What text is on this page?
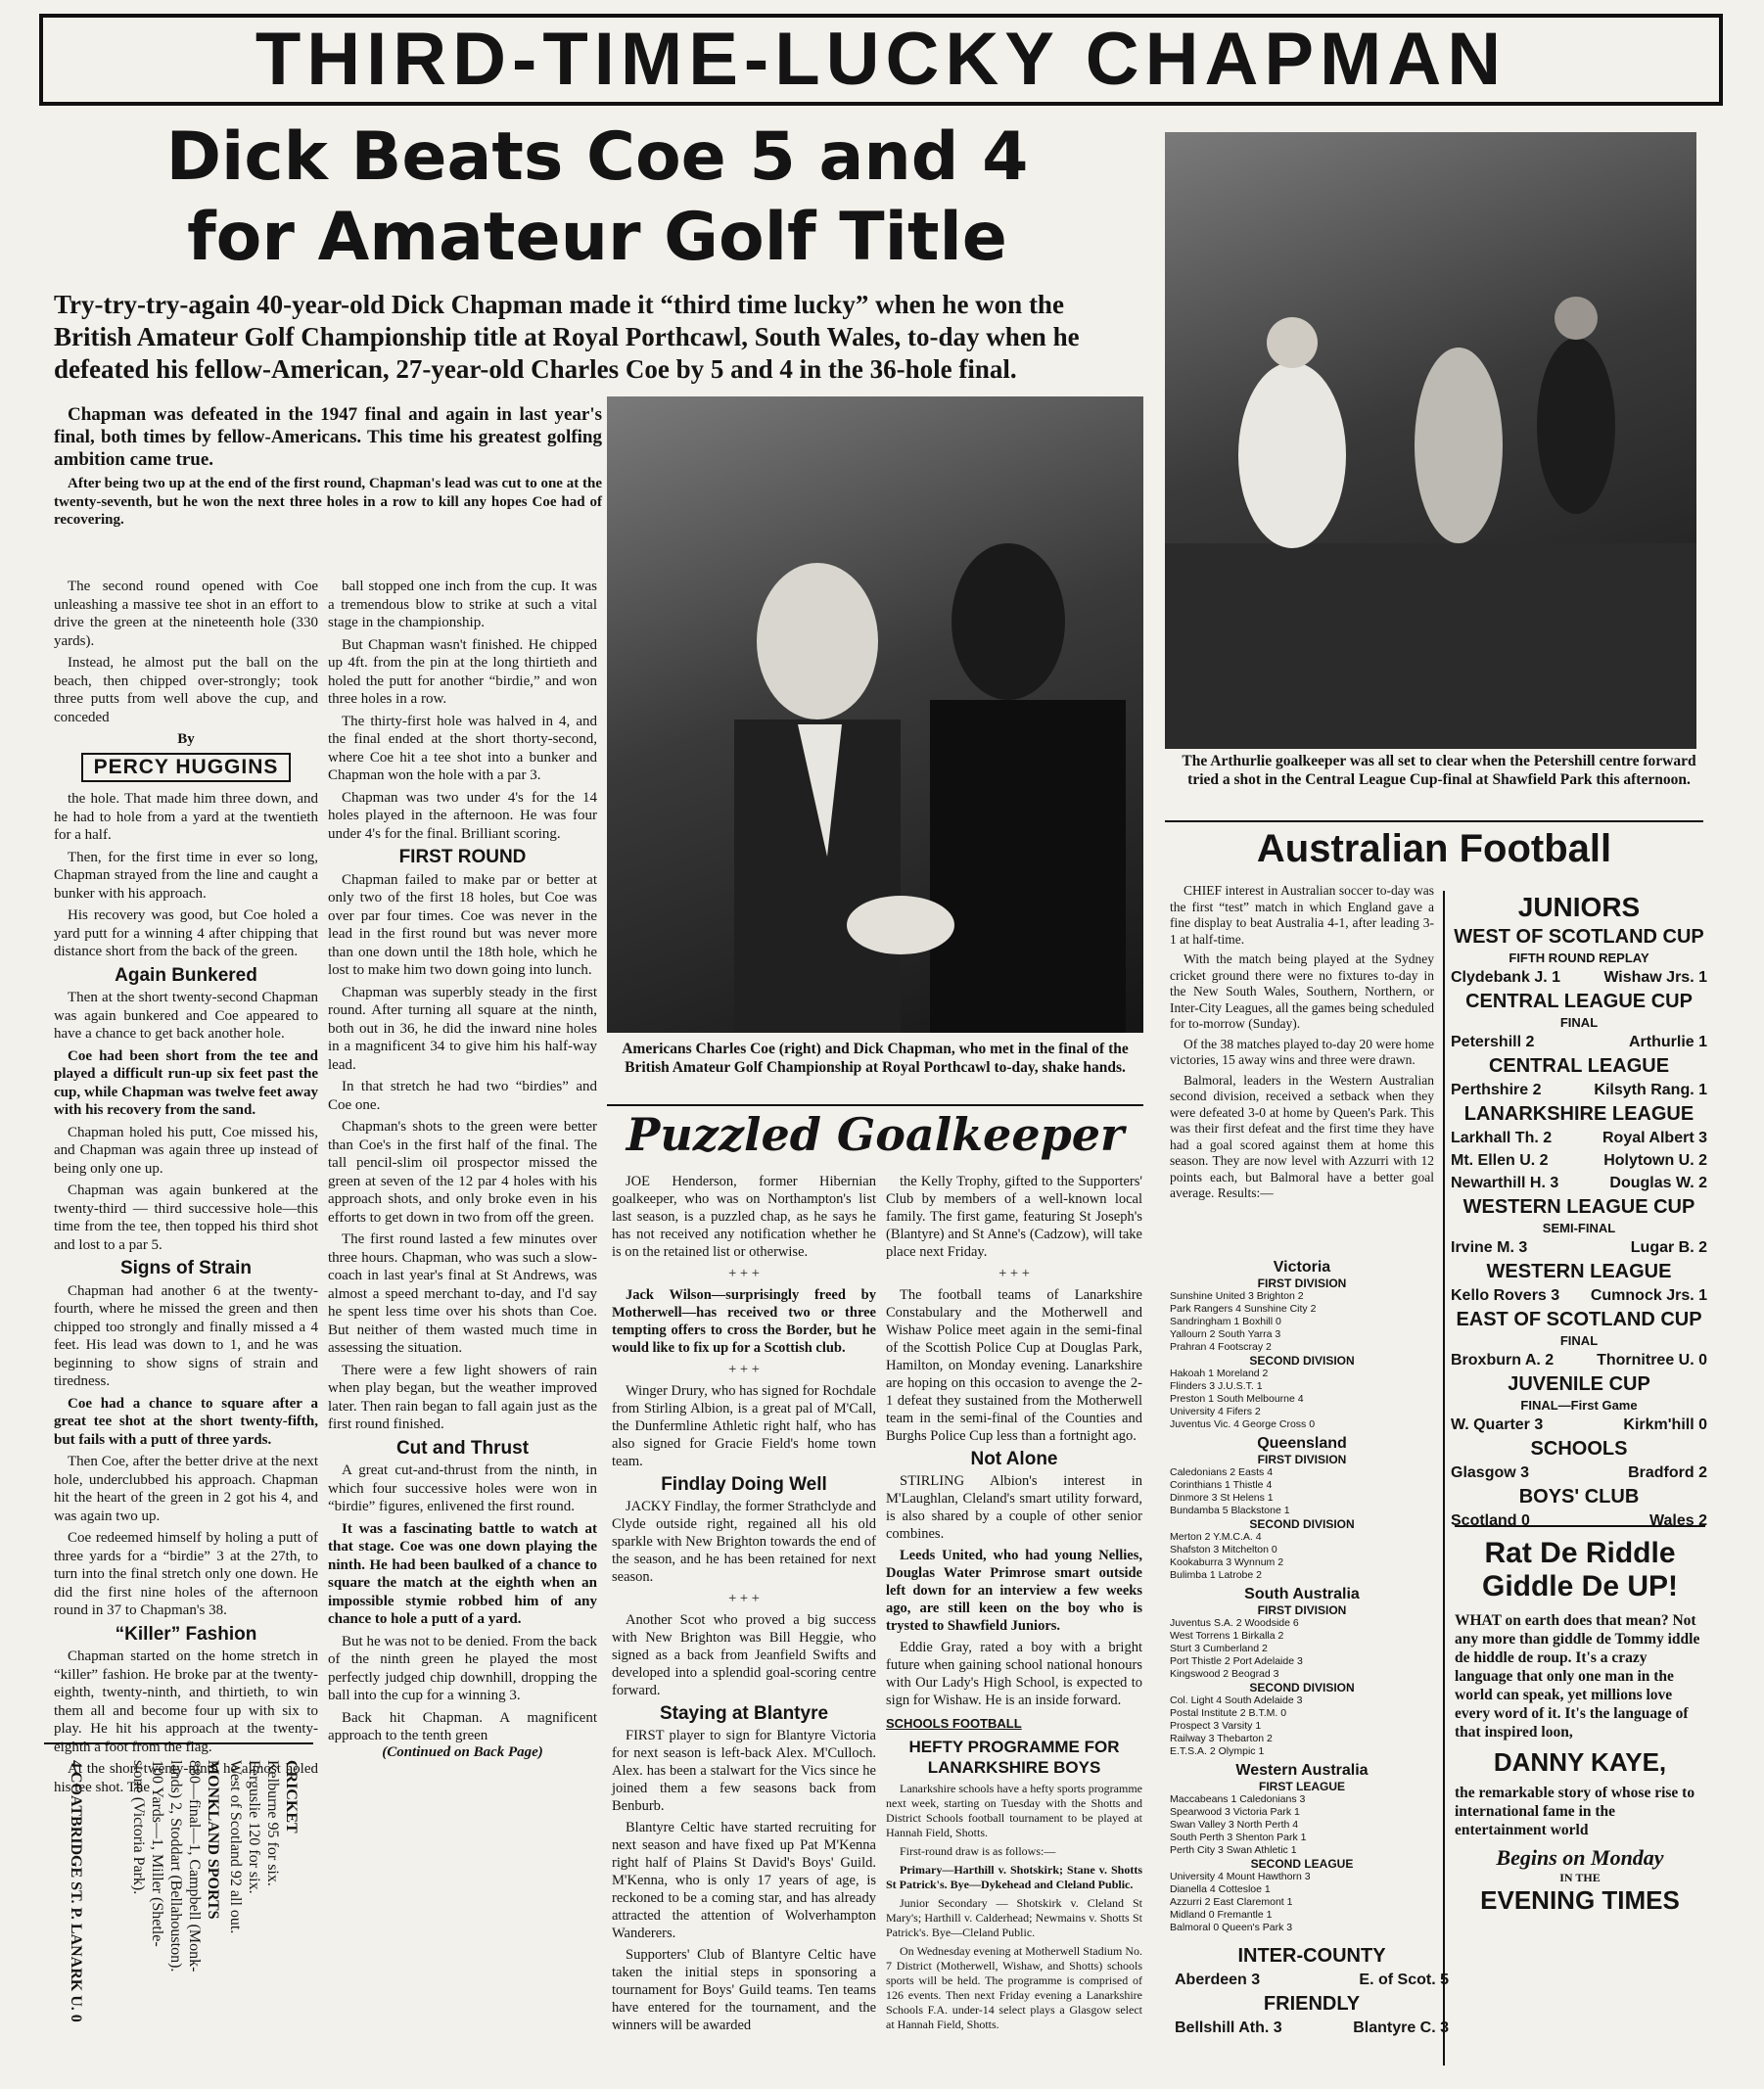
THIRD-TIME-LUCKY CHAPMAN
Dick Beats Coe 5 and 4
for Amateur Golf Title
Try-try-try-again 40-year-old Dick Chapman made it “third time lucky” when he won the British Amateur Golf Championship title at Royal Porthcawl, South Wales, to-day when he defeated his fellow-American, 27-year-old Charles Coe by 5 and 4 in the 36-hole final.

Chapman was defeated in the 1947 final and again in last year's final, both times by fellow-Americans. This time his greatest golfing ambition came true.

After being two up at the end of the first round, Chapman's lead was cut to one at the twenty-seventh, but he won the next three holes in a row to kill any hopes Coe had of recovering.

The second round opened with Coe unleashing a massive tee shot in an effort to drive the green at the nineteenth hole (330 yards).

Instead, he almost put the ball on the beach, then chipped over-strongly; took three putts from well above the cup, and conceded

By
PERCY HUGGINS

the hole. That made him three down, and he had to hole from a yard at the twentieth for a half.

Then, for the first time in ever so long, Chapman strayed from the line and caught a bunker with his approach.

His recovery was good, but Coe holed a yard putt for a winning 4 after chipping that distance short from the back of the green.

Again Bunkered

Then at the short twenty-second Chapman was again bunkered and Coe appeared to have a chance to get back another hole.

Coe had been short from the tee and played a difficult run-up six feet past the cup, while Chapman was twelve feet away with his recovery from the sand.

Chapman holed his putt, Coe missed his, and Chapman was again three up instead of being only one up.

Chapman was again bunkered at the twenty-third — third successive hole—this time from the tee, then topped his third shot and lost to a par 5.

Signs of Strain

Chapman had another 6 at the twenty-fourth, where he missed the green and then chipped too strongly and finally missed a 4 feet. His lead was down to 1, and he was beginning to show signs of strain and tiredness.

Coe had a chance to square after a great tee shot at the short twenty-fifth, but fails with a putt of three yards.

Then Coe, after the better drive at the next hole, underclubbed his approach. Chapman hit the heart of the green in 2 got his 4, and was again two up.

Coe redeemed himself by holing a putt of three yards for a “birdie” 3 at the 27th, to turn into the final stretch only one down. He did the first nine holes of the afternoon round in 37 to Chapman's 38.

“Killer” Fashion

Chapman started on the home stretch in “killer” fashion. He broke par at the twenty-eighth, twenty-ninth, and thirtieth, to win them all and become four up with six to play. He hit his approach at the twenty-eighth a foot from the flag.

At the short twenty-ninth he almost holed his tee shot. The

ball stopped one inch from the cup. It was a tremendous blow to strike at such a vital stage in the championship.

But Chapman wasn't finished. He chipped up 4ft. from the pin at the long thirtieth and holed the putt for another “birdie,” and won three holes in a row.

The thirty-first hole was halved in 4, and the final ended at the short thorty-second, where Coe hit a tee shot into a bunker and Chapman won the hole with a par 3.

Chapman was two under 4's for the 14 holes played in the afternoon. He was four under 4's for the final. Brilliant scoring.

FIRST ROUND

Chapman failed to make par or better at only two of the first 18 holes, but Coe was over par four times. Coe was never in the lead in the first round but was never more than one down until the 18th hole, which he lost to make him two down going into lunch.

Chapman was superbly steady in the first round. After turning all square at the ninth, both out in 36, he did the inward nine holes in a magnificent 34 to give him his half-way lead.

In that stretch he had two “birdies” and Coe one.

Chapman's shots to the green were better than Coe's in the first half of the final. The tall pencil-slim oil prospector missed the green at seven of the 12 par 4 holes with his approach shots, and only broke even in his efforts to get down in two from off the green.

The first round lasted a few minutes over three hours. Chapman, who was such a slow-coach in last year's final at St Andrews, was almost a speed merchant to-day, and I'd say he spent less time over his shots than Coe. But neither of them wasted much time in assessing the situation.

There were a few light showers of rain when play began, but the weather improved later. Then rain began to fall again just as the first round finished.

Cut and Thrust

A great cut-and-thrust from the ninth, in which four successive holes were won in “birdie” figures, enlivened the first round.

It was a fascinating battle to watch at that stage. Coe was one down playing the ninth. He had been baulked of a chance to square the match at the eighth when an impossible stymie robbed him of any chance to hole a putt of a yard.

But he was not to be denied. From the back of the ninth green he played the most perfectly judged chip downhill, dropping the ball into the cup for a winning 3.

Back hit Chapman. A magnificent approach to the tenth green

(Continued on Back Page)
Americans Charles Coe (right) and Dick Chapman, who met in the final of the British Amateur Golf Championship at Royal Porthcawl to-day, shake hands.
The Arthurlie goalkeeper was all set to clear when the Petershill centre forward tried a shot in the Central League Cup-final at Shawfield Park this afternoon.
Puzzled Goalkeeper

JOE Henderson, former Hibernian goalkeeper, who was on Northampton's list last season, is a puzzled chap, as he says he has not received any notification whether he is on the retained list or otherwise.

+ + +

Jack Wilson—surprisingly freed by Motherwell—has received two or three tempting offers to cross the Border, but he would like to fix up for a Scottish club.

+ + +

Winger Drury, who has signed for Rochdale from Stirling Albion, is a great pal of M'Call, the Dunfermline Athletic right half, who has also signed for Gracie Field's home town team.

Findlay Doing Well

JACKY Findlay, the former Strathclyde and Clyde outside right, regained all his old sparkle with New Brighton towards the end of the season, and he has been retained for next season.

+ + +

Another Scot who proved a big success with New Brighton was Bill Heggie, who signed as a back from Jeanfield Swifts and developed into a splendid goal-scoring centre forward.

Staying at Blantyre

FIRST player to sign for Blantyre Victoria for next season is left-back Alex. M'Culloch. Alex. has been a stalwart for the Vics since he joined them a few seasons back from Benburb.

Blantyre Celtic have started recruiting for next season and have fixed up Pat M'Kenna right half of Plains St David's Boys' Guild. M'Kenna, who is only 17 years of age, is reckoned to be a coming star, and has already attracted the attention of Wolverhampton Wanderers.

Supporters' Club of Blantyre Celtic have taken the initial steps in sponsoring a tournament for Boys' Guild teams. Ten teams have entered for the tournament, and the winners will be awarded

the Kelly Trophy, gifted to the Supporters' Club by members of a well-known local family. The first game, featuring St Joseph's (Blantyre) and St Anne's (Cadzow), will take place next Friday.

+ + +

The football teams of Lanarkshire Constabulary and the Motherwell and Wishaw Police meet again in the semi-final of the Scottish Police Cup at Douglas Park, Hamilton, on Monday evening. Lanarkshire are hoping on this occasion to avenge the 2-1 defeat they sustained from the Motherwell team in the semi-final of the Counties and Burghs Police Cup less than a fortnight ago.

Not Alone

STIRLING Albion's interest in M'Laughlan, Cleland's smart utility forward, is also shared by a couple of other senior combines.

Leeds United, who had young Nellies, Douglas Water Primrose smart outside left down for an interview a few weeks ago, are still keen on the boy who is trysted to Shawfield Juniors.

Eddie Gray, rated a boy with a bright future when gaining school national honours with Our Lady's High School, is expected to sign for Wishaw. He is an inside forward.

SCHOOLS FOOTBALL
HEFTY PROGRAMME FOR LANARKSHIRE BOYS

Lanarkshire schools have a hefty sports programme next week, starting on Tuesday with the Shotts and District Schools football tournament to be played at Hannah Field, Shotts.

First-round draw is as follows:—

Primary—Harthill v. Shotskirk; Stane v. Shotts St Patrick's. Bye—Dykehead and Cleland Public.

Junior Secondary — Shotskirk v. Cleland St Mary's; Harthill v. Calderhead; Newmains v. Shotts St Patrick's. Bye—Cleland Public.

On Wednesday evening at Motherwell Stadium No. 7 District (Motherwell, Wishaw, and Shotts) schools sports will be held. The programme is comprised of 126 events. Then next Friday evening a Lanarkshire Schools F.A. under-14 select plays a Glasgow select at Hannah Field, Shotts.

Australian Football

CHIEF interest in Australian soccer to-day was the first “test” match in which England gave a fine display to beat Australia 4-1, after leading 3-1 at half-time.

With the match being played at the Sydney cricket ground there were no fixtures to-day in the New South Wales, Southern, Northern, or Inter-City Leagues, all the games being scheduled for to-morrow (Sunday).

Of the 38 matches played to-day 20 were home victories, 15 away wins and three were drawn.

Balmoral, leaders in the Western Australian second division, received a setback when they were defeated 3-0 at home by Queen's Park. This was their first defeat and the first time they have had a goal scored against them at home this season. They are now level with Azzurri with 12 points each, but Balmoral have a better goal average. Results:—

Victoria
FIRST DIVISION
Sunshine United 3 Brighton 2
Park Rangers 4 Sunshine City 2
Sandringham 1 Boxhill 0
Yallourn 2 South Yarra 3
Prahran 4 Footscray 2
SECOND DIVISION
Hakoah 1 Moreland 2
Flinders 3 J.U.S.T. 1
Preston 1 South Melbourne 4
University 4 Fifers 2
Juventus Vic. 4 George Cross 0
Queensland
FIRST DIVISION
Caledonians 2 Easts 4
Corinthians 1 Thistle 4
Dinmore 3 St Helens 1
Bundamba 5 Blackstone 1
SECOND DIVISION
Merton 2 Y.M.C.A. 4
Shafston 3 Mitchelton 0
Kookaburra 3 Wynnum 2
Bulimba 1 Latrobe 2
South Australia
FIRST DIVISION
Juventus S.A. 2 Woodside 6
West Torrens 1 Birkalla 2
Sturt 3 Cumberland 2
Port Thistle 2 Port Adelaide 3
Kingswood 2 Beograd 3
SECOND DIVISION
Col. Light 4 South Adelaide 3
Postal Institute 2 B.T.M. 0
Prospect 3 Varsity 1
Railway 3 Thebarton 2
E.T.S.A. 2 Olympic 1
Western Australia
FIRST LEAGUE
Maccabeans 1 Caledonians 3
Spearwood 3 Victoria Park 1
Swan Valley 3 North Perth 4
South Perth 3 Shenton Park 1
Perth City 3 Swan Athletic 1
SECOND LEAGUE
University 4 Mount Hawthorn 3
Dianella 4 Cottesloe 1
Azzurri 2 East Claremont 1
Midland 0 Fremantle 1
Balmoral 0 Queen's Park 3
JUNIORS
WEST OF SCOTLAND CUP
FIFTH ROUND REPLAY
Clydebank J. 1	Wishaw Jrs. 1
CENTRAL LEAGUE CUP
FINAL
Petershill 2	Arthurlie 1
CENTRAL LEAGUE
Perthshire 2	Kilsyth Rang. 1
LANARKSHIRE LEAGUE
Larkhall Th. 2	Royal Albert 3
Mt. Ellen U. 2	Holytown U. 2
Newarthill H. 3	Douglas W. 2
WESTERN LEAGUE CUP
SEMI-FINAL
Irvine M. 3	Lugar B. 2
WESTERN LEAGUE
Kello Rovers 3 Cumnock Jrs. 1
EAST OF SCOTLAND CUP
FINAL
Broxburn A. 2	Thornitree U. 0
JUVENILE CUP
FINAL—First Game
W. Quarter 3	Kirkm'hill 0
SCHOOLS
Glasgow 3	Bradford 2
BOYS' CLUB
Scotland 0	Wales 2
Rat De Riddle
Giddle De UP!
WHAT on earth does that mean? Not any more than giddle de Tommy iddle de hiddle de roup. It's a crazy language that only one man in the world can speak, yet millions love every word of it. It's the language of that inspired loon,
DANNY KAYE,
the remarkable story of whose rise to international fame in the entertainment world
Begins on Monday
IN THE
EVENING TIMES
INTER-COUNTY
Aberdeen 3	E. of Scot. 5
FRIENDLY
Bellshill Ath. 3	Blantyre C. 3
CRICKET
Kelburne 95 for six.
Ferguslie 120 for six.
West of Scotland 92 all out.
MONKLAND SPORTS
880—final—1, Campbell (Monk-
lands) 2, Stoddart (Bellahouston).
100 Yards—1, Miller (Shetle-
stone (Victoria Park).
4 COATBRIDGE ST. P. LANARK U. 0
